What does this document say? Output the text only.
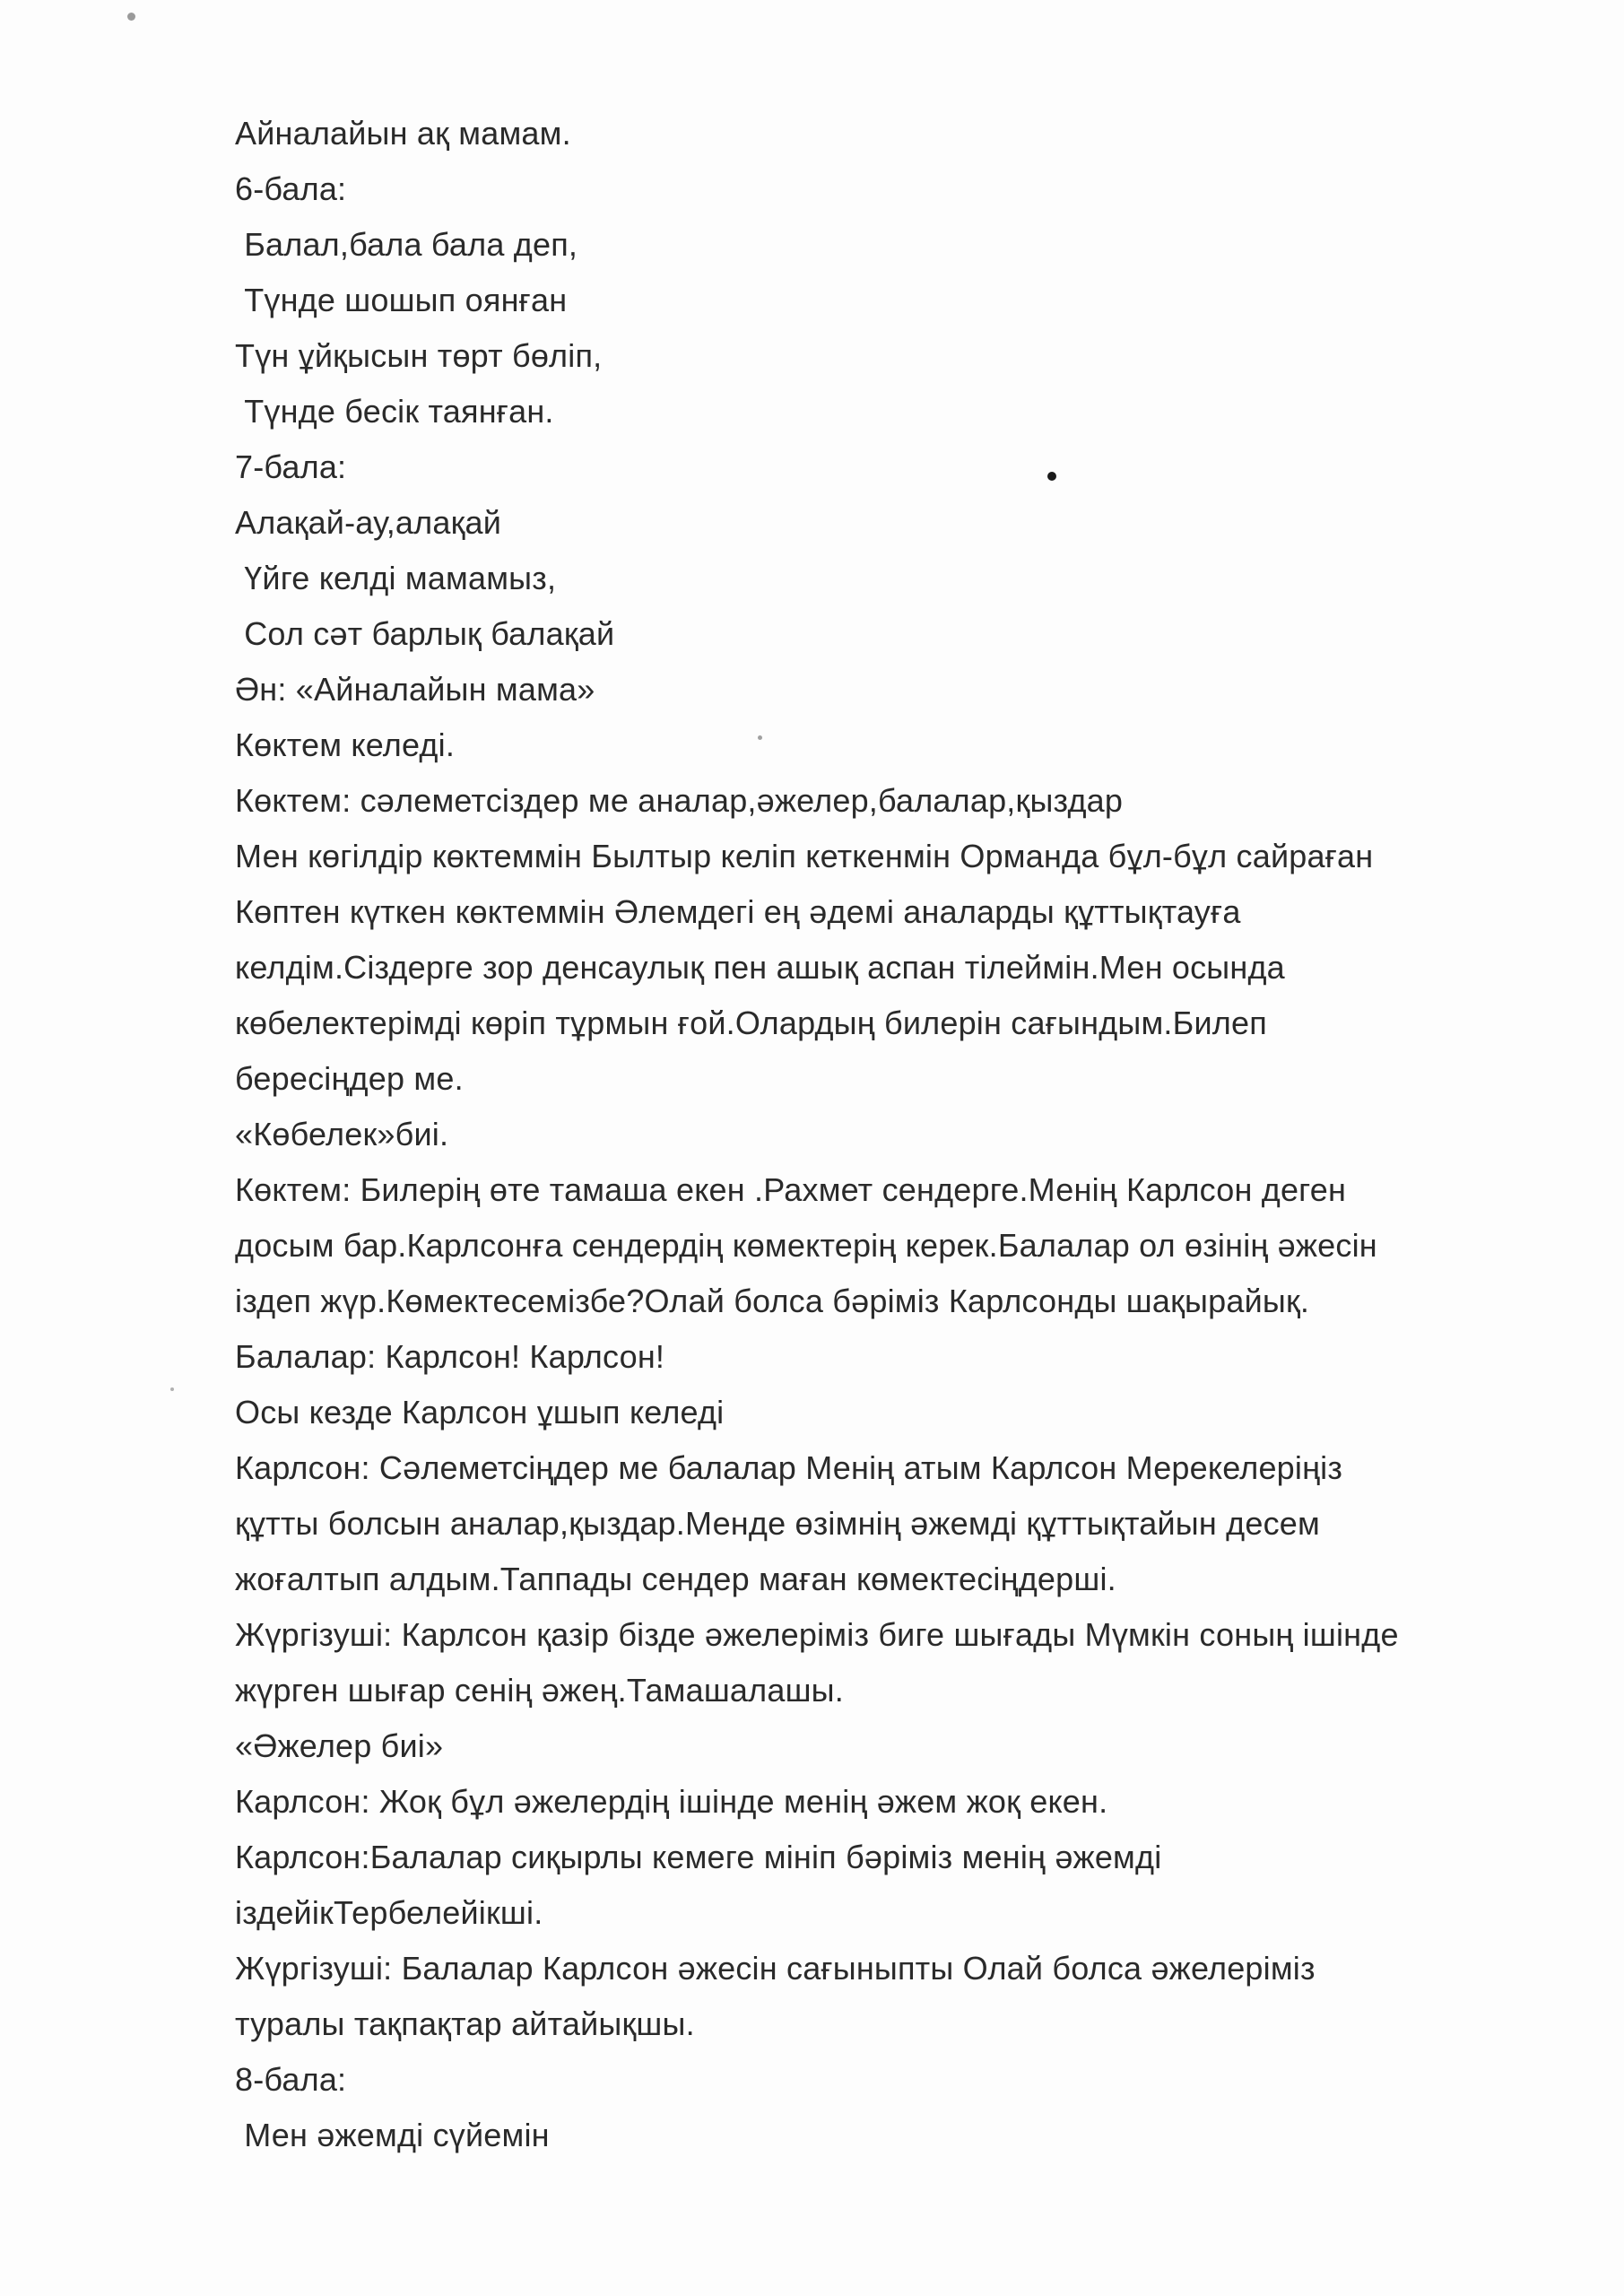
Айналайын ақ мамам.
6-бала:
Балал,бала бала деп,
Түнде шошып оянған
Түн ұйқысын төрт бөліп,
Түнде бесік таянған.
7-бала:
Алақай-ау,алақай
Үйге келді мамамыз,
Сол сәт барлық балақай
Ән: «Айналайын мама»
Көктем келеді.
Көктем: сәлеметсіздер ме аналар,әжелер,балалар,қыздар
Мен көгілдір көктеммін Былтыр келіп кеткенмін Орманда бұл-бұл сайраған
Көптен күткен көктеммін Әлемдегі ең әдемі аналарды құттықтауға
келдім.Сіздерге зор денсаулық пен ашық аспан тілеймін.Мен осында
көбелектерімді көріп тұрмын ғой.Олардың билерін сағындым.Билеп
бересіңдер ме.
«Көбелек»биі.
Көктем: Билерің өте тамаша екен .Рахмет сендерге.Менің Карлсон деген
досым бар.Карлсонға сендердің көмектерің керек.Балалар ол өзінің әжесін
іздеп жүр.Көмектесемізбе?Олай болса бәріміз Карлсонды шақырайық.
Балалар: Карлсон! Карлсон!
Осы кезде Карлсон ұшып келеді
Карлсон: Сәлеметсіңдер ме балалар Менің атым Карлсон Мерекелеріңіз
құтты болсын аналар,қыздар.Менде өзімнің әжемді құттықтайын десем
жоғалтып алдым.Таппады сендер маған көмектесіңдерші.
Жүргізуші: Карлсон қазір бізде әжелеріміз биге шығады Мүмкін соның ішінде
жүрген шығар сенің әжең.Тамашалашы.
«Әжелер биі»
Карлсон: Жоқ бұл әжелердің ішінде менің әжем жоқ екен.
Карлсон:Балалар сиқырлы кемеге мініп бәріміз менің әжемді
іздейікТербелейікші.
Жүргізуші: Балалар Карлсон әжесін сағыныпты Олай болса әжелеріміз
туралы тақпақтар айтайықшы.
8-бала:
Мен әжемді сүйемін
